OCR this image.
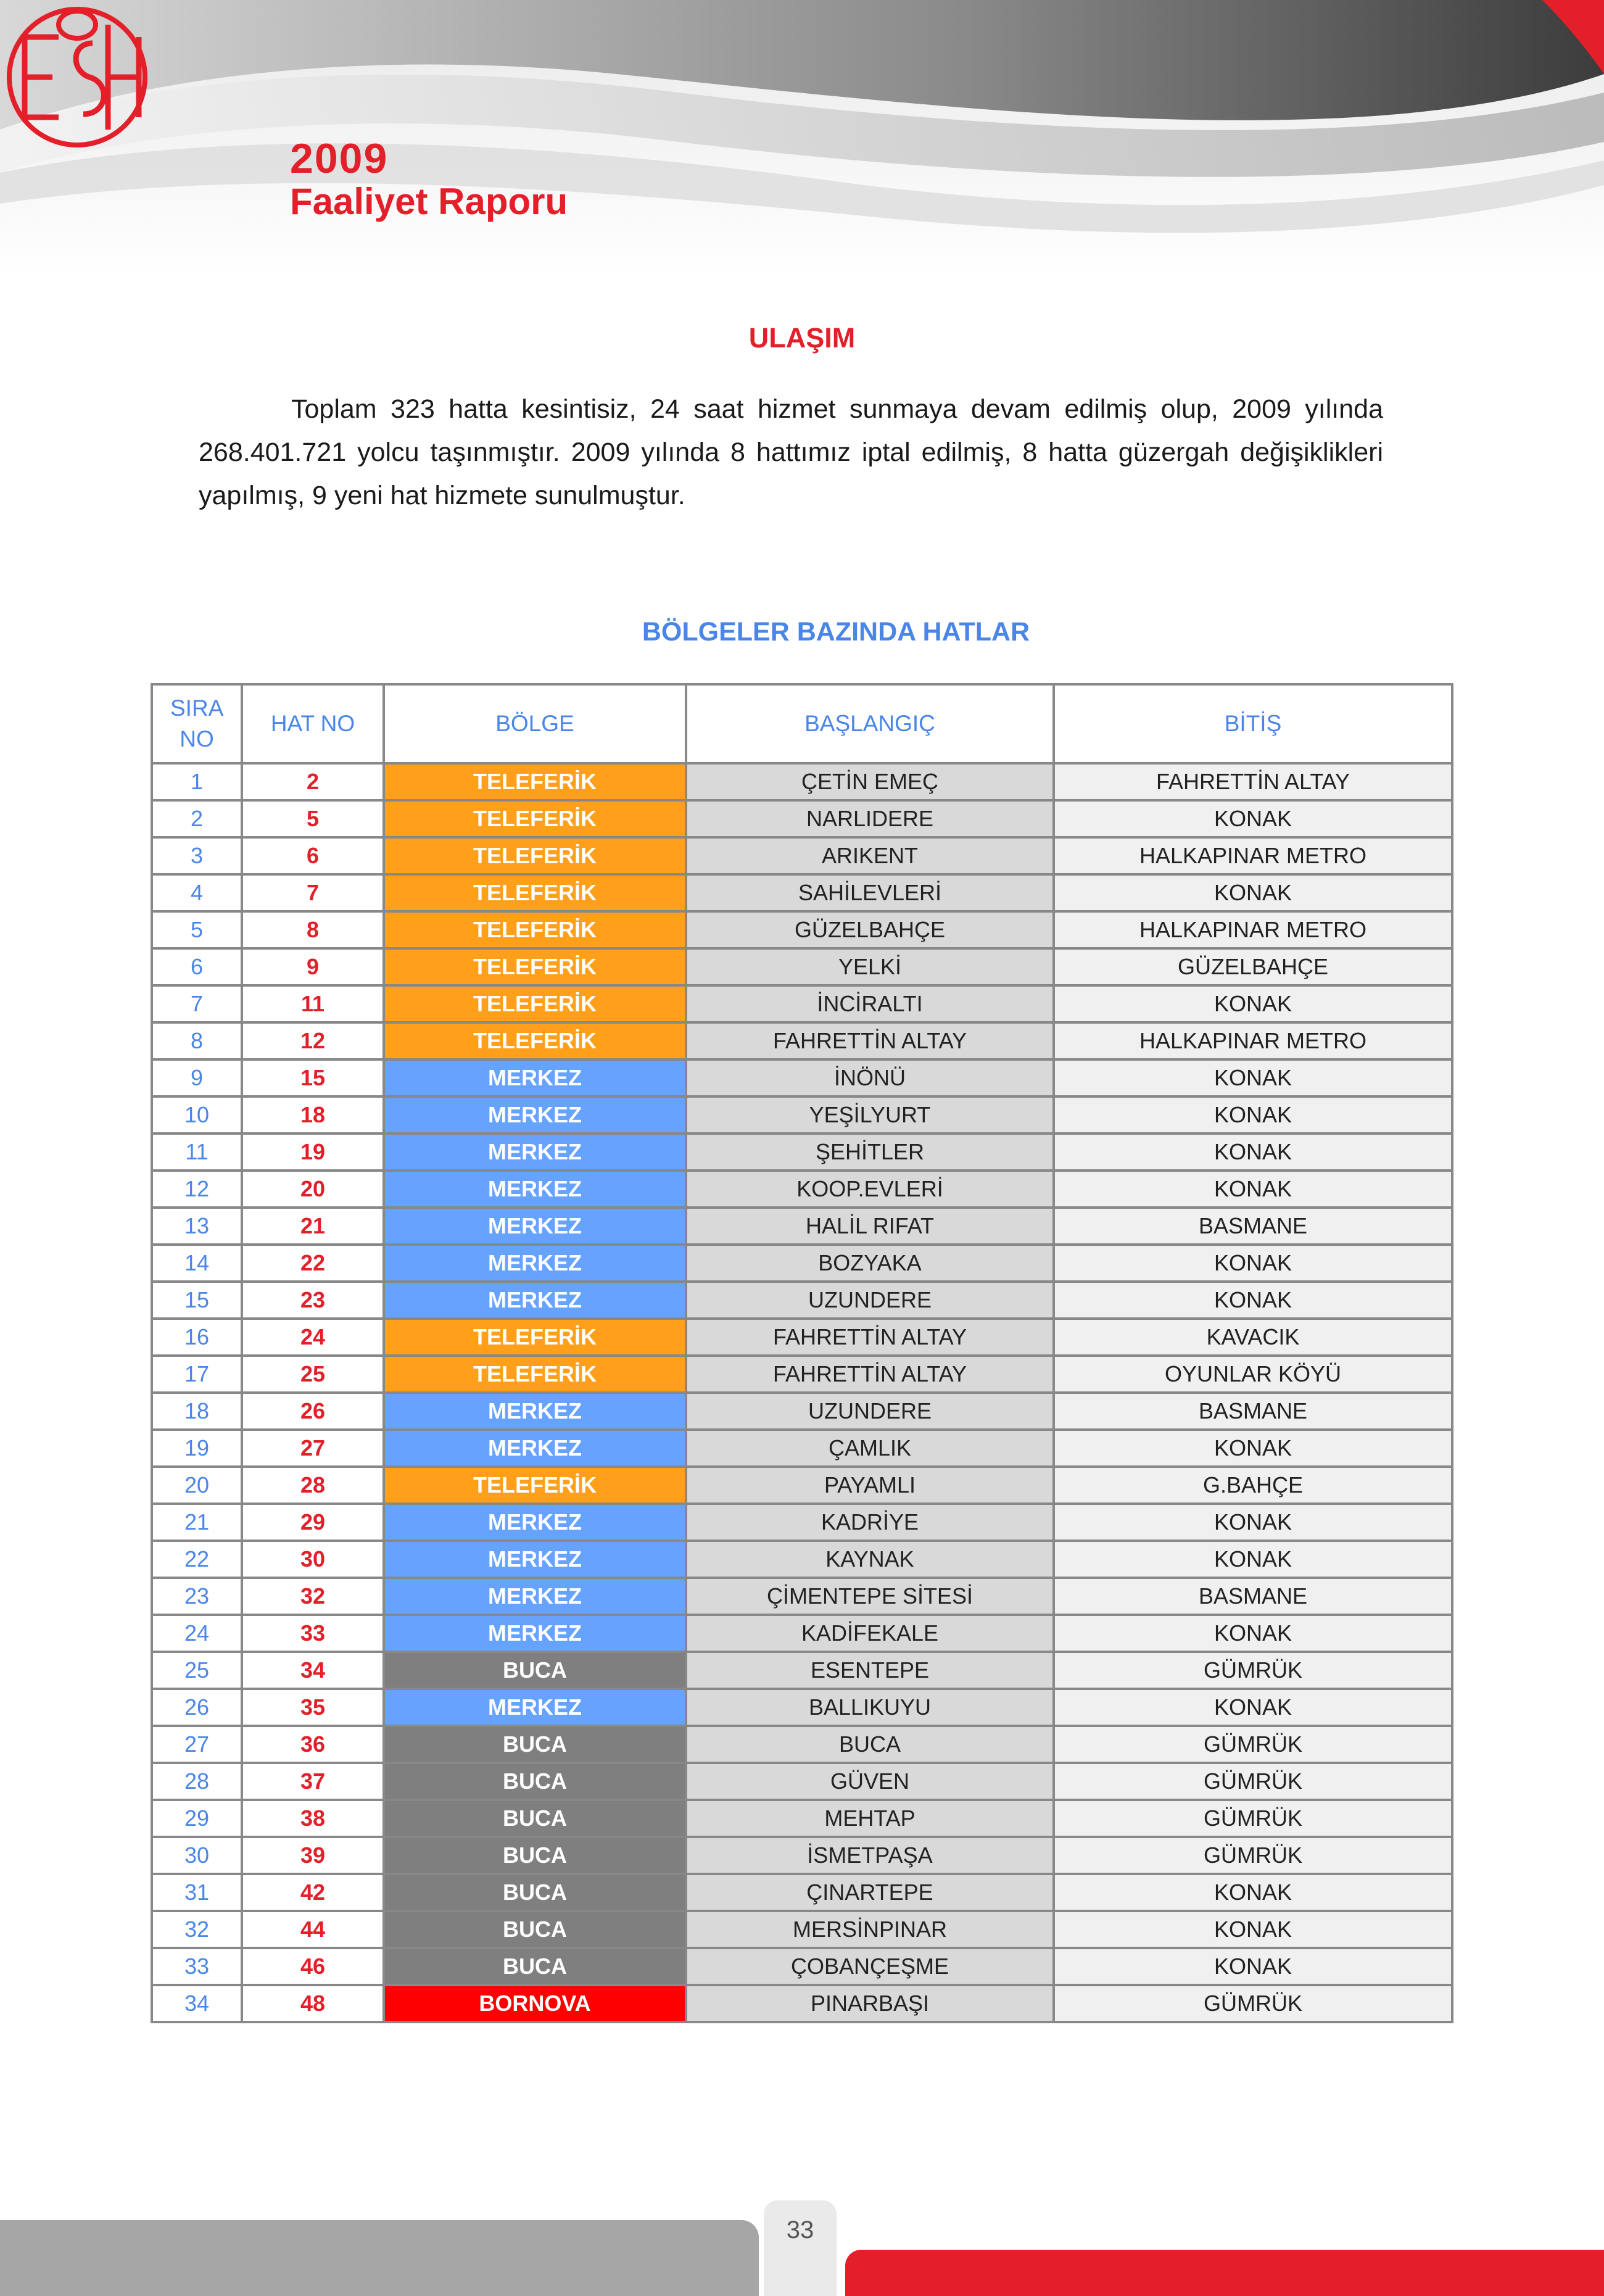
2009
Faaliyet Raporu
ULAŞIM
Toplam 323 hatta kesintisiz, 24 saat hizmet sunmaya devam edilmiş olup, 2009 yılında 268.401.721 yolcu taşınmıştır. 2009 yılında 8 hattımız iptal edilmiş, 8 hatta güzergah değişiklikleri yapılmış, 9 yeni hat hizmete sunulmuştur.
BÖLGELER BAZINDA HATLAR
SIRA NO	HAT NO	BÖLGE	BAŞLANGIÇ	BİTİŞ
1	2	TELEFERİK	ÇETİN EMEÇ	FAHRETTİN ALTAY
2	5	TELEFERİK	NARLIDERE	KONAK
3	6	TELEFERİK	ARIKENT	HALKAPINAR METRO
4	7	TELEFERİK	SAHİLEVLERİ	KONAK
5	8	TELEFERİK	GÜZELBAHÇE	HALKAPINAR METRO
6	9	TELEFERİK	YELKİ	GÜZELBAHÇE
7	11	TELEFERİK	İNCİRALTI	KONAK
8	12	TELEFERİK	FAHRETTİN ALTAY	HALKAPINAR METRO
9	15	MERKEZ	İNÖNÜ	KONAK
10	18	MERKEZ	YEŞİLYURT	KONAK
11	19	MERKEZ	ŞEHİTLER	KONAK
12	20	MERKEZ	KOOP.EVLERİ	KONAK
13	21	MERKEZ	HALİL RIFAT	BASMANE
14	22	MERKEZ	BOZYAKA	KONAK
15	23	MERKEZ	UZUNDERE	KONAK
16	24	TELEFERİK	FAHRETTİN ALTAY	KAVACIK
17	25	TELEFERİK	FAHRETTİN ALTAY	OYUNLAR KÖYÜ
18	26	MERKEZ	UZUNDERE	BASMANE
19	27	MERKEZ	ÇAMLIK	KONAK
20	28	TELEFERİK	PAYAMLI	G.BAHÇE
21	29	MERKEZ	KADRİYE	KONAK
22	30	MERKEZ	KAYNAK	KONAK
23	32	MERKEZ	ÇİMENTEPE SİTESİ	BASMANE
24	33	MERKEZ	KADİFEKALE	KONAK
25	34	BUCA	ESENTEPE	GÜMRÜK
26	35	MERKEZ	BALLIKUYU	KONAK
27	36	BUCA	BUCA	GÜMRÜK
28	37	BUCA	GÜVEN	GÜMRÜK
29	38	BUCA	MEHTAP	GÜMRÜK
30	39	BUCA	İSMETPAŞA	GÜMRÜK
31	42	BUCA	ÇINARTEPE	KONAK
32	44	BUCA	MERSİNPINAR	KONAK
33	46	BUCA	ÇOBANÇEŞME	KONAK
34	48	BORNOVA	PINARBAŞI	GÜMRÜK
33
